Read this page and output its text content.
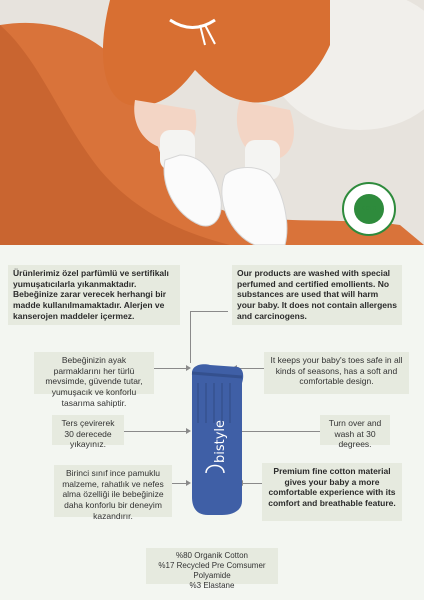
GOTS
Ürünlerimiz özel parfümlü ve sertifikalı yumuşatıcılarla yıkanmaktadır. Bebeğinize zarar verecek herhangi bir madde kullanılmamaktadır. Alerjen ve kanserojen maddeler içermez.
Our products are washed with special perfumed and certified emollients. No substances are used that will harm your baby. It does not contain allergens and carcinogens.
Bebeğinizin ayak parmaklarını her türlü mevsimde, güvende tutar, yumuşacık ve konforlu tasarıma sahiptir.
It keeps your baby's toes safe in all kinds of seasons, has a soft and comfortable design.
Ters çevirerek 30 derecede yıkayınız.
Turn over and wash at 30 degrees.
Birinci sınıf ince pamuklu malzeme, rahatlık ve nefes alma özelliği ile bebeğinize daha konforlu bir deneyim kazandırır.
Premium fine cotton material gives your baby a more comfortable experience with its comfort and breathable feature.
bistyle
%80 Organik Cotton
%17 Recycled Pre Comsumer Polyamide
%3 Elastane
